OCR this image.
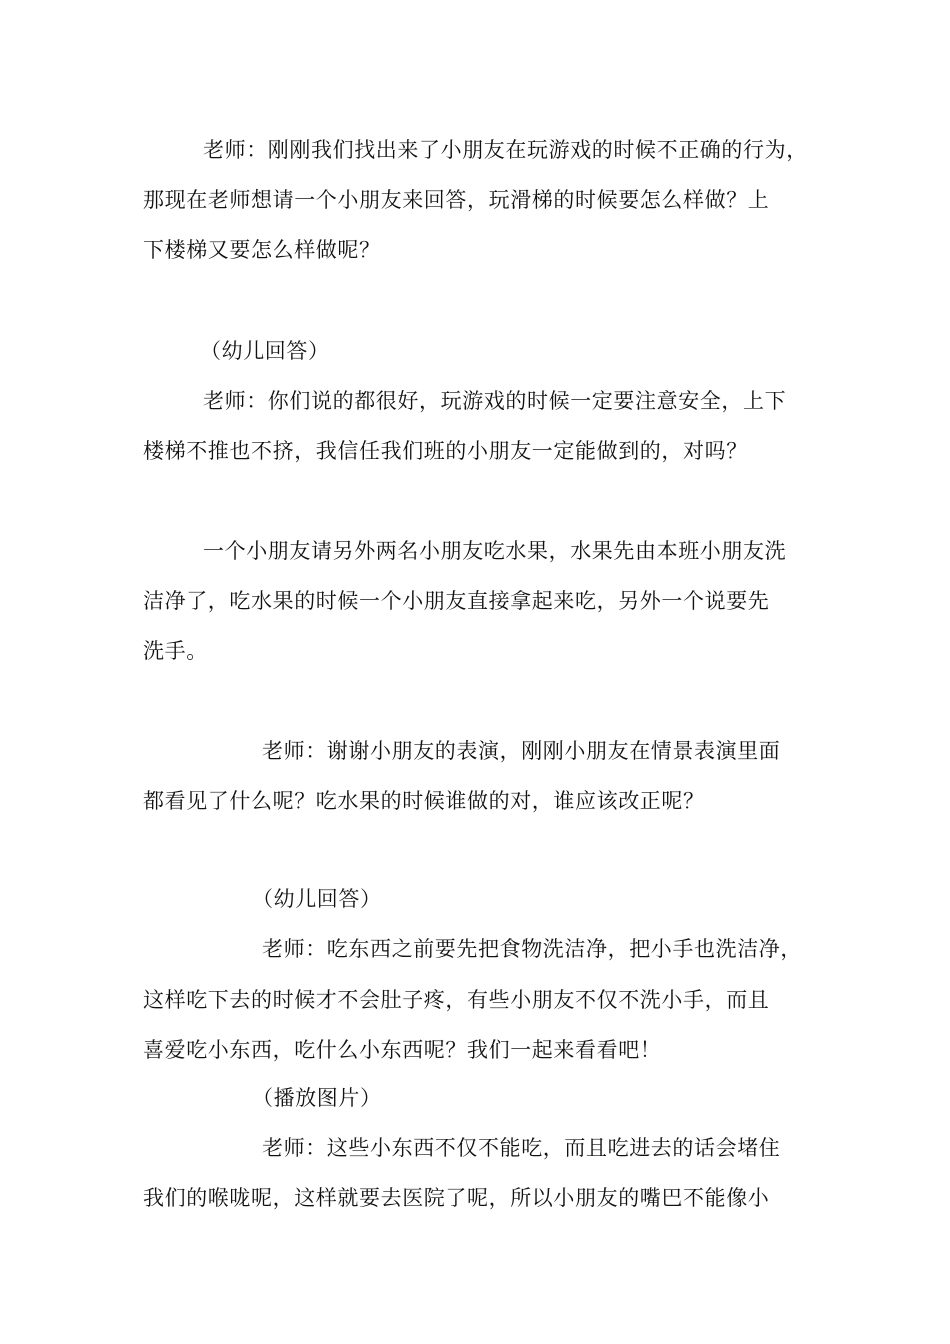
老师：刚刚我们找出来了小朋友在玩游戏的时候不正确的行为，
那现在老师想请一个小朋友来回答，玩滑梯的时候要怎么样做？上
下楼梯又要怎么样做呢？
（幼儿回答）
老师：你们说的都很好，玩游戏的时候一定要注意安全，上下
楼梯不推也不挤，我信任我们班的小朋友一定能做到的，对吗？
一个小朋友请另外两名小朋友吃水果，水果先由本班小朋友洗
洁净了，吃水果的时候一个小朋友直接拿起来吃，另外一个说要先
洗手。
老师：谢谢小朋友的表演，刚刚小朋友在情景表演里面
都看见了什么呢？吃水果的时候谁做的对，谁应该改正呢？
（幼儿回答）
老师：吃东西之前要先把食物洗洁净，把小手也洗洁净，
这样吃下去的时候才不会肚子疼，有些小朋友不仅不洗小手，而且
喜爱吃小东西，吃什么小东西呢？我们一起来看看吧！
（播放图片）
老师：这些小东西不仅不能吃，而且吃进去的话会堵住
我们的喉咙呢，这样就要去医院了呢，所以小朋友的嘴巴不能像小
